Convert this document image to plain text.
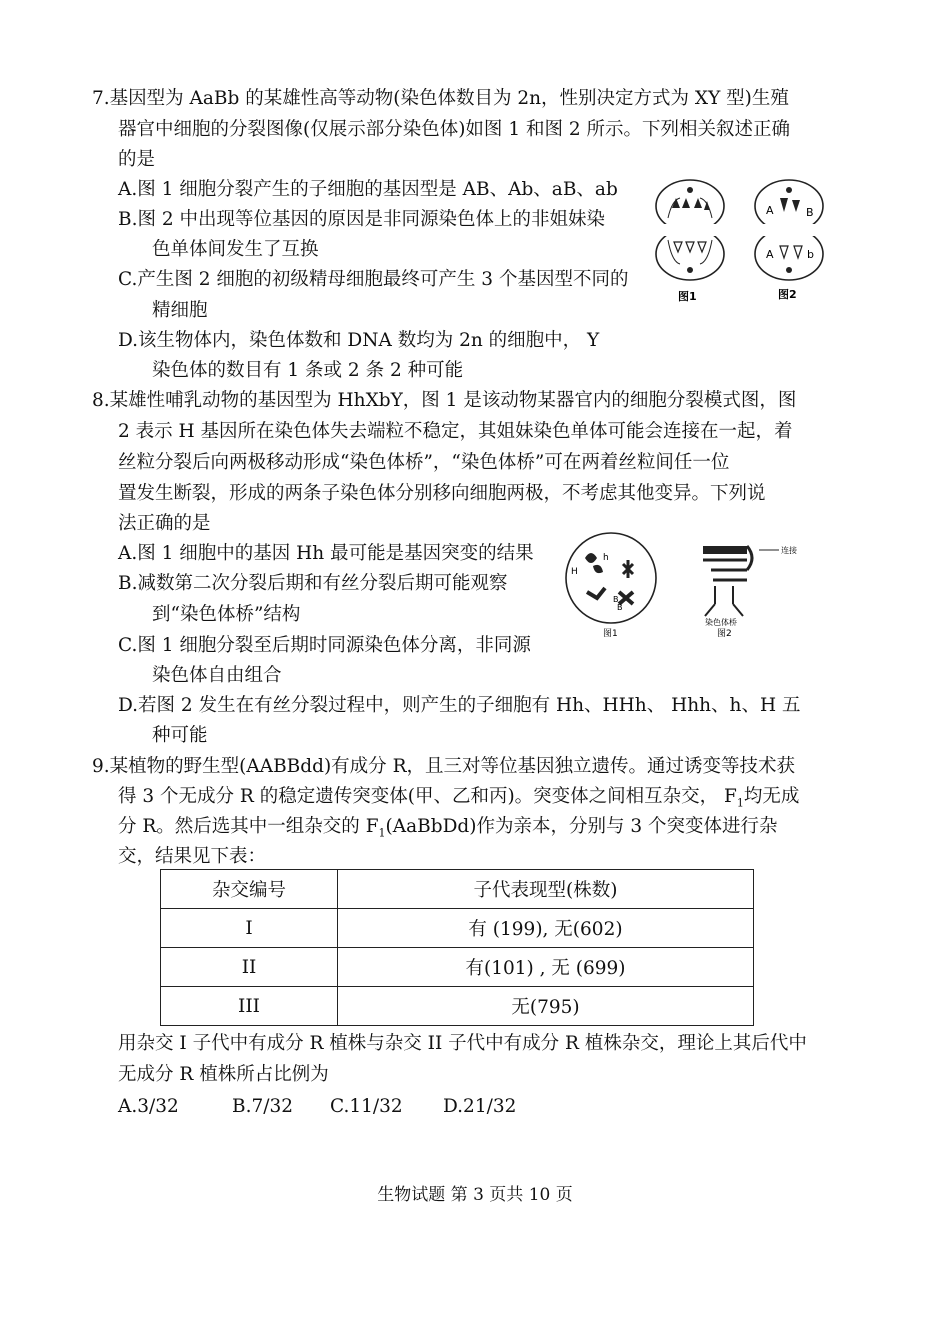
7.基因型为 AaBb 的某雄性高等动物(染色体数目为 2n，性别决定方式为 XY 型)生殖
器官中细胞的分裂图像(仅展示部分染色体)如图 1 和图 2 所示。下列相关叙述正确
的是
A.图 1 细胞分裂产生的子细胞的基因型是 AB、Ab、aB、ab
B.图 2 中出现等位基因的原因是非同源染色体上的非姐妹染
色单体间发生了互换
C.产生图 2 细胞的初级精母细胞最终可产生 3 个基因型不同的
精细胞
D.该生物体内，染色体数和 DNA 数均为 2n 的细胞中， Y
染色体的数目有 1 条或 2 条 2 种可能
A	B
A	b
图1	图2
8.某雄性哺乳动物的基因型为 HhXbY，图 1 是该动物某器官内的细胞分裂模式图，图
2 表示 H 基因所在染色体失去端粒不稳定，其姐妹染色单体可能会连接在一起，着
丝粒分裂后向两极移动形成“染色体桥”，“染色体桥”可在两着丝粒间任一位
置发生断裂，形成的两条子染色体分别移向细胞两极，不考虑其他变异。下列说
法正确的是
A.图 1 细胞中的基因 Hh 最可能是基因突变的结果
B.减数第二次分裂后期和有丝分裂后期可能观察
到“染色体桥”结构
C.图 1 细胞分裂至后期时同源染色体分离，非同源
染色体自由组合
D.若图 2 发生在有丝分裂过程中，则产生的子细胞有 Hh、HHh、 Hhh、h、H 五
种可能
H
h
B
B
图1
连接
染色体桥
图2
9.某植物的野生型(AABBdd)有成分 R，且三对等位基因独立遗传。通过诱变等技术获
得 3 个无成分 R 的稳定遗传突变体(甲、乙和丙)。突变体之间相互杂交， $F_1$均无成
分 R。然后选其中一组杂交的 $F_1(AaBbDd)$作为亲本，分别与 3 个突变体进行杂
交，结果见下表：
杂交编号	子代表现型(株数)
I	有 (199), 无(602)
II	有(101) , 无 (699)
III	无(795)
用杂交 I 子代中有成分 R 植株与杂交 II 子代中有成分 R 植株杂交，理论上其后代中
无成分 R 植株所占比例为
A.3/32	B.7/32 C.11/32 D.21/32
生物试题 第 3 页共 10 页
